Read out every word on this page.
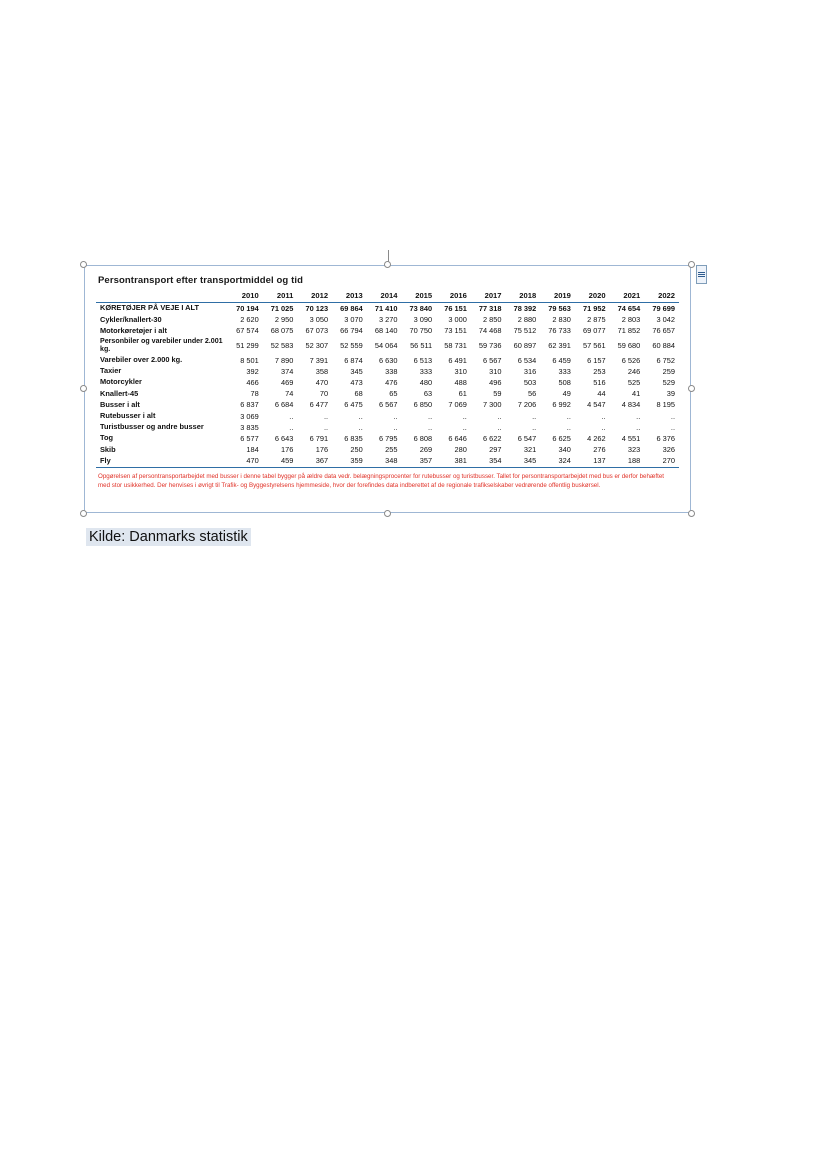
Persontransport efter transportmiddel og tid
	2010	2011	2012	2013	2014	2015	2016	2017	2018	2019	2020	2021	2022
KØRETØJER PÅ VEJE I ALT	70 194	71 025	70 123	69 864	71 410	73 840	76 151	77 318	78 392	79 563	71 952	74 654	79 699
Cykler/knallert-30	2 620	2 950	3 050	3 070	3 270	3 090	3 000	2 850	2 880	2 830	2 875	2 803	3 042
Motorkøretøjer i alt	67 574	68 075	67 073	66 794	68 140	70 750	73 151	74 468	75 512	76 733	69 077	71 852	76 657
Personbiler og varebiler under 2.001 kg.	51 299	52 583	52 307	52 559	54 064	56 511	58 731	59 736	60 897	62 391	57 561	59 680	60 884
Varebiler over 2.000 kg.	8 501	7 890	7 391	6 874	6 630	6 513	6 491	6 567	6 534	6 459	6 157	6 526	6 752
Taxier	392	374	358	345	338	333	310	310	316	333	253	246	259
Motorcykler	466	469	470	473	476	480	488	496	503	508	516	525	529
Knallert-45	78	74	70	68	65	63	61	59	56	49	44	41	39
Busser i alt	6 837	6 684	6 477	6 475	6 567	6 850	7 069	7 300	7 206	6 992	4 547	4 834	8 195
Rutebusser i alt	3 069	..	..	..	..	..	..	..	..	..	..	..	..
Turistbusser og andre busser	3 835	..	..	..	..	..	..	..	..	..	..	..	..
Tog	6 577	6 643	6 791	6 835	6 795	6 808	6 646	6 622	6 547	6 625	4 262	4 551	6 376
Skib	184	176	176	250	255	269	280	297	321	340	276	323	326
Fly	470	459	367	359	348	357	381	354	345	324	137	188	270
Opgørelsen af persontransportarbejdet med busser i denne tabel bygger på ældre data vedr. belægningsprocenter for rutebusser og turistbusser. Tallet for persontransportarbejdet med bus er derfor behæftet med stor usikkerhed. Der henvises i øvrigt til Trafik- og Byggestyrelsens hjemmeside, hvor der forefindes data indberettet af de regionale trafikselskaber vedrørende offentlig buskørsel.
Kilde: Danmarks statistik
